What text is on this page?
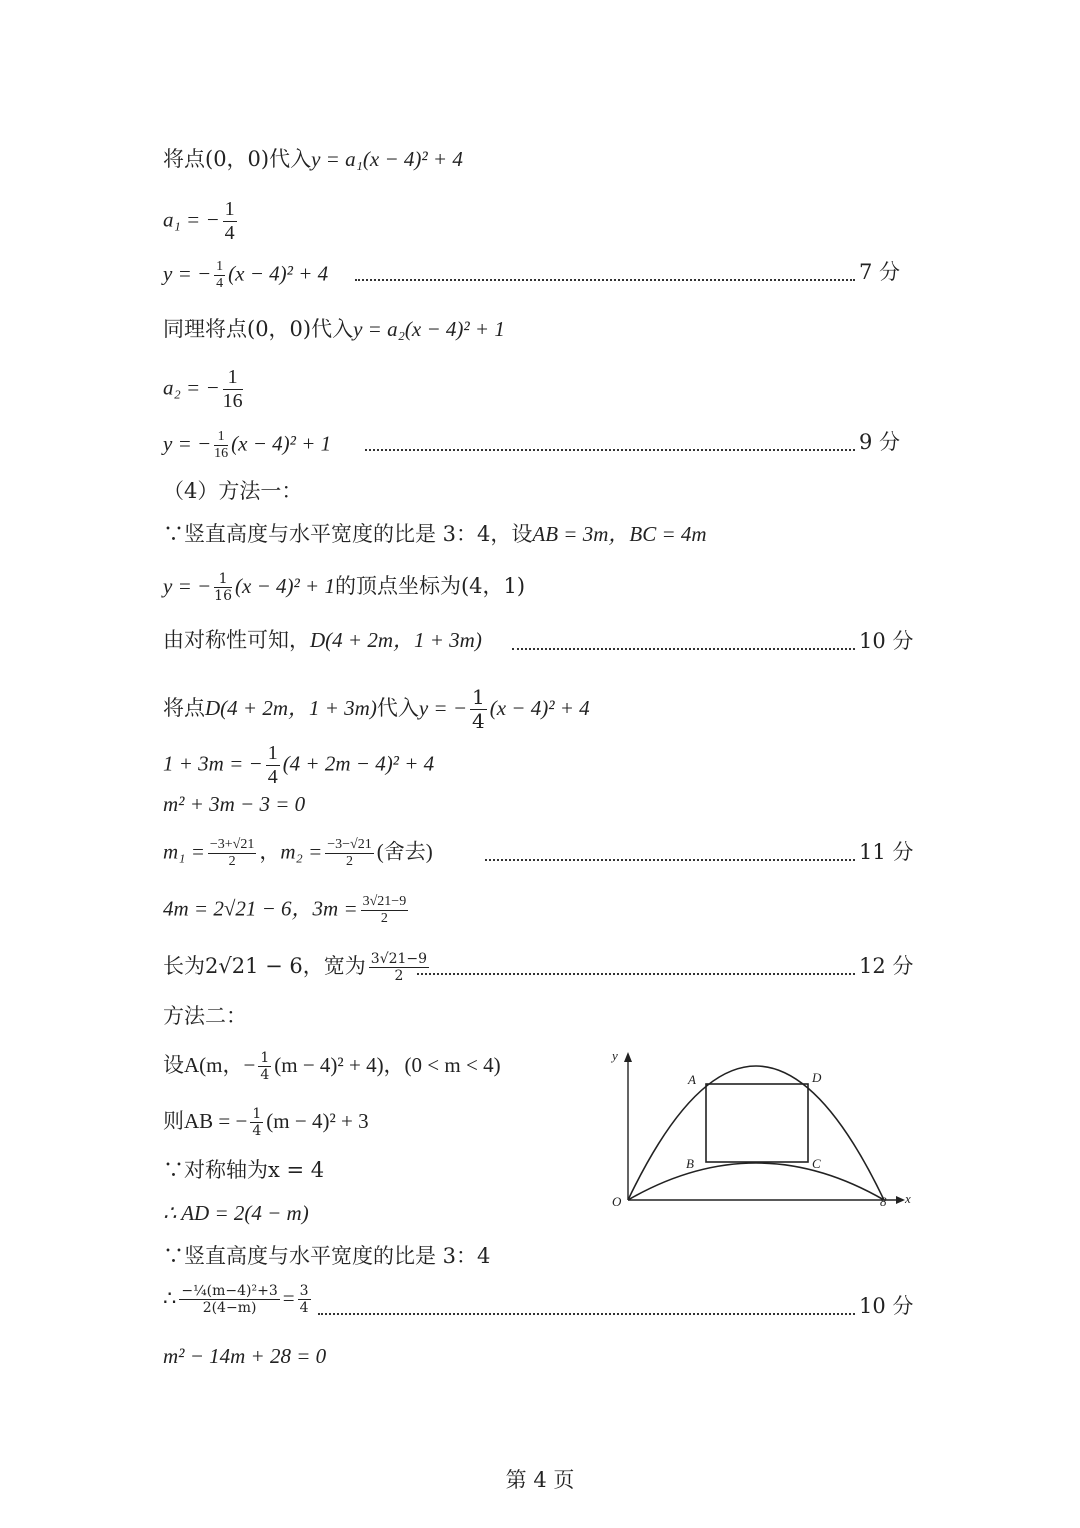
将点(0，0)代入y = a₁(x − 4)² + 4
a₁ = − $\frac{1}{4}$
y = − $\frac{1}{4} (x - 4)^2 + 4$	7 分
同理将点(0，0)代入y = a₂(x − 4)² + 1
a₂ = − $\frac{1}{16}$
y = − $\frac{1}{16} (x - 4)^2 + 1$	9 分
（4）方法一：
∵竖直高度与水平宽度的比是 3：4，设AB = 3m，BC = 4m
y = − $\frac{1}{16} (x - 4)^2 + 1$的顶点坐标为(4，1)
由对称性可知，D(4 + 2m，1 + 3m)	10 分
将点D(4 + 2m，1 + 3m)代入y = − $\frac{1}{4} (x - 4)^2 + 4$
1 + 3m = − $\frac{1}{4} (4 + 2m - 4)^2 + 4$
m² + 3m − 3 = 0
$m_1 = \frac{-3+√21}{2}$ ，$m_2 = \frac{-3-√21}{2}$ (舍去)	11 分
4m = 2√21 − 6，$3m = \frac{3√21-9}{2}$
长为2√21 − 6，宽为 $\frac{3√21-9}{2}$	12 分
方法二：
设A(m，− $\frac{1}{4} (m - 4)^2 + 4$)，(0 < m < 4)
则AB = − $\frac{1}{4} (m - 4)^2 + 3$
∵对称轴为x = 4
∴ AD = 2(4 − m)
∵竖直高度与水平宽度的比是 3：4
∴ $\frac{\text{−¼(m−4)²+3}}{2(4-m)} = \frac{3}{4}$	10 分
m² − 14m + 28 = 0
y
x
O	8
A	D
B	C
第 4 页
